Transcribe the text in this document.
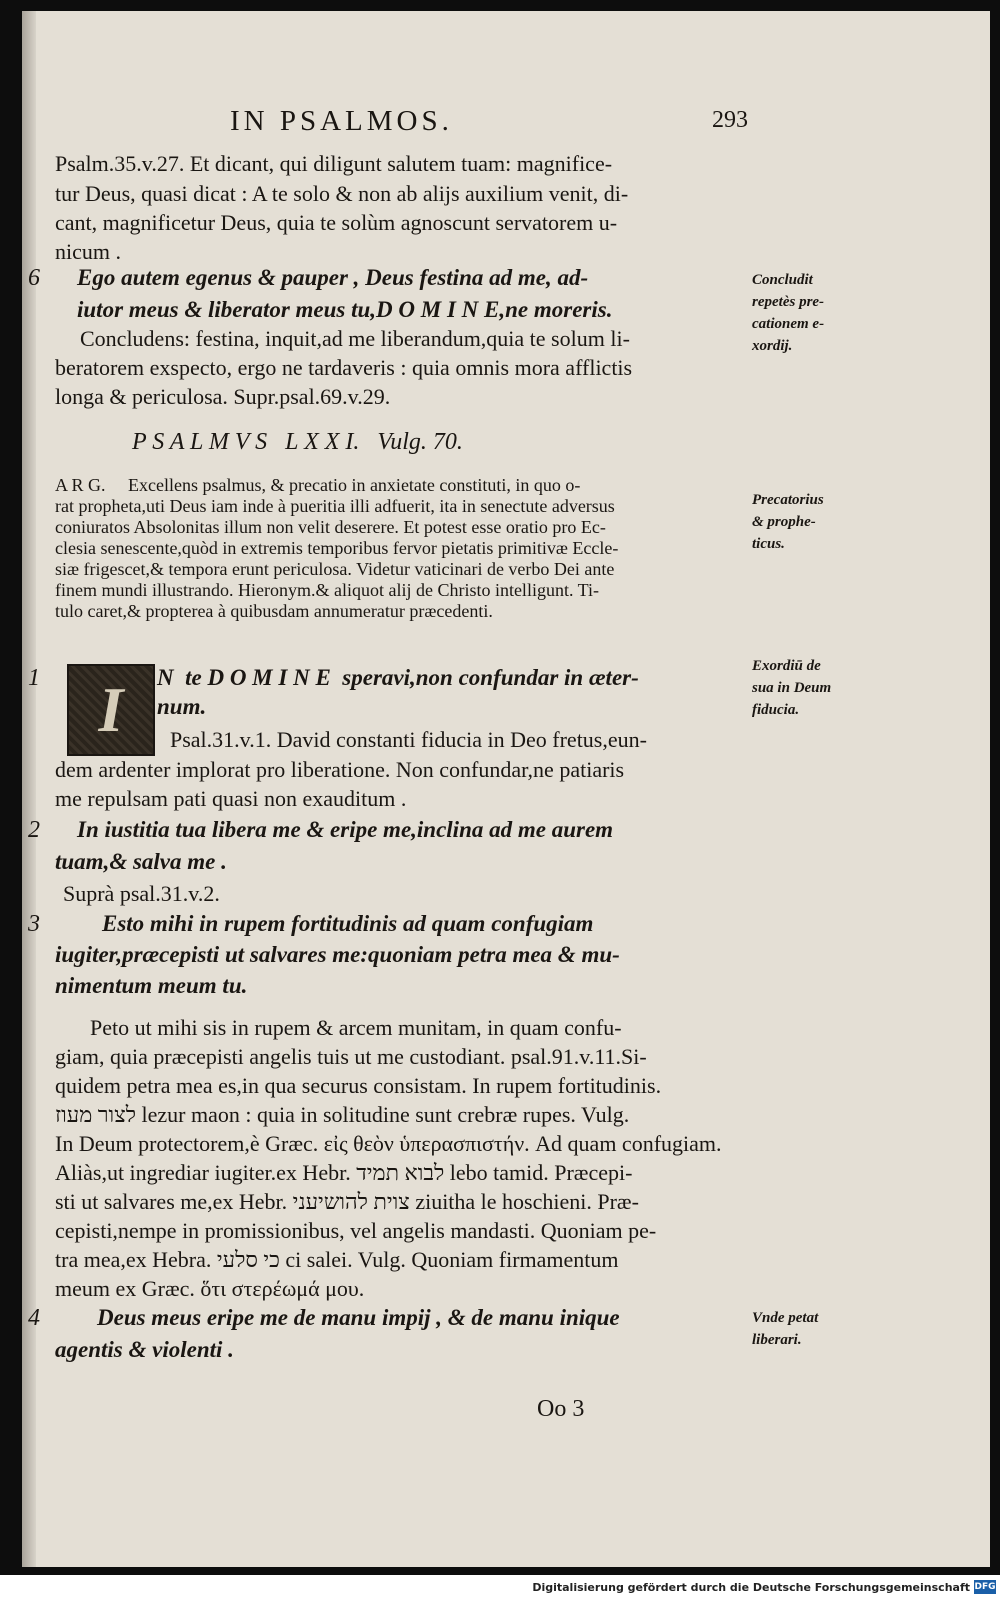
IN PSALMOS.	293
Psalm.35.v.27. Et dicant, qui diligunt salutem tuam: magnifice-
tur Deus, quasi dicat : A te solo & non ab alijs auxilium venit, di-
cant, magnificetur Deus, quia te solùm agnoscunt servatorem u-
nicum .
6 Ego autem egenus & pauper , Deus festina ad me, ad-
iutor meus & liberator meus tu,D O M I N E,ne moreris.
Concludens: festina, inquit,ad me liberandum,quia te solum li-
beratorem exspecto, ergo ne tardaveris : quia omnis mora afflictis
longa & periculosa. Supr.psal.69.v.29.
P S A L M V S   L X X I.   Vulg. 70.
A R G.     Excellens psalmus, & precatio in anxietate constituti, in quo o-
rat propheta,uti Deus iam inde à pueritia illi adfuerit, ita in senectute adversus
coniuratos Absolonitas illum non velit deserere. Et potest esse oratio pro Ec-
clesia senescente,quòd in extremis temporibus fervor pietatis primitivæ Eccle-
siæ frigescet,& tempora erunt periculosa. Videtur vaticinari de verbo Dei ante
finem mundi illustrando. Hieronym.& aliquot alij de Christo intelligunt. Ti-
tulo caret,& propterea à quibusdam annumeratur præcedenti.
1 I	N  te D O M I N E  speravi,non confundar in æter-
num.
Psal.31.v.1. David constanti fiducia in Deo fretus,eun-
dem ardenter implorat pro liberatione. Non confundar,ne patiaris
me repulsam pati quasi non exauditum .
2 In iustitia tua libera me & eripe me,inclina ad me aurem
tuam,& salva me .
Suprà psal.31.v.2.
3	Esto mihi in rupem fortitudinis ad quam confugiam
iugiter,præcepisti ut salvares me:quoniam petra mea & mu-
nimentum meum tu.
Peto ut mihi sis in rupem & arcem munitam, in quam confu-
giam, quia præcepisti angelis tuis ut me custodiant. psal.91.v.11.Si-
quidem petra mea es,in qua securus consistam. In rupem fortitudinis.
לצור מעוז lezur maon : quia in solitudine sunt crebræ rupes. Vulg.
In Deum protectorem,è Græc. εἰς θεὸν ὑπερασπιστήν. Ad quam confugiam.
Aliàs,ut ingrediar iugiter.ex Hebr. לבוא תמיד lebo tamid. Præcepi-
sti ut salvares me,ex Hebr. צוית להושיעני ziuitha le hoschieni. Præ-
cepisti,nempe in promissionibus, vel angelis mandasti. Quoniam pe-
tra mea,ex Hebra. כי סלעי ci salei. Vulg. Quoniam firmamentum
meum ex Græc. ὅτι στερέωμά μου.
4 Deus meus eripe me de manu impij , & de manu inique
agentis & violenti .
Oo 3
Concludit
repetès pre-
cationem e-
xordij.
Precatorius
& prophe-
ticus.
Exordiū de
sua in Deum
fiducia.
Vnde petat
liberari.
Digitalisierung gefördert durch die Deutsche Forschungsgemeinschaft DFG
